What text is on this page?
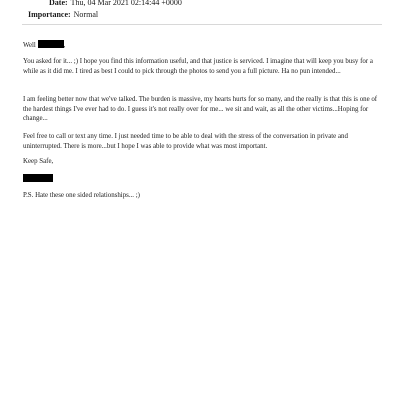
Date: Thu, 04 Mar 2021 02:14:44 +0000
Importance: Normal
Well	,

You asked for it... ;) I hope you find this information useful, and that justice is serviced. I imagine that will keep you busy for a while as it did me. I tired as best I could to pick through the photos to send you a full picture. Ha no pun intended...

I am feeling better now that we've talked. The burden is massive, my hearts hurts for so many, and the really is that this is one of the hardest things I've ever had to do. I guess it's not really over for me... we sit and wait, as all the other victims...Hoping for change...

Feel free to call or text any time. I just needed time to be able to deal with the stress of the conversation in private and uninterrupted. There is more...but I hope I was able to provide what was most important.

Keep Safe,

P.S. Hate these one sided relationships... ;)
